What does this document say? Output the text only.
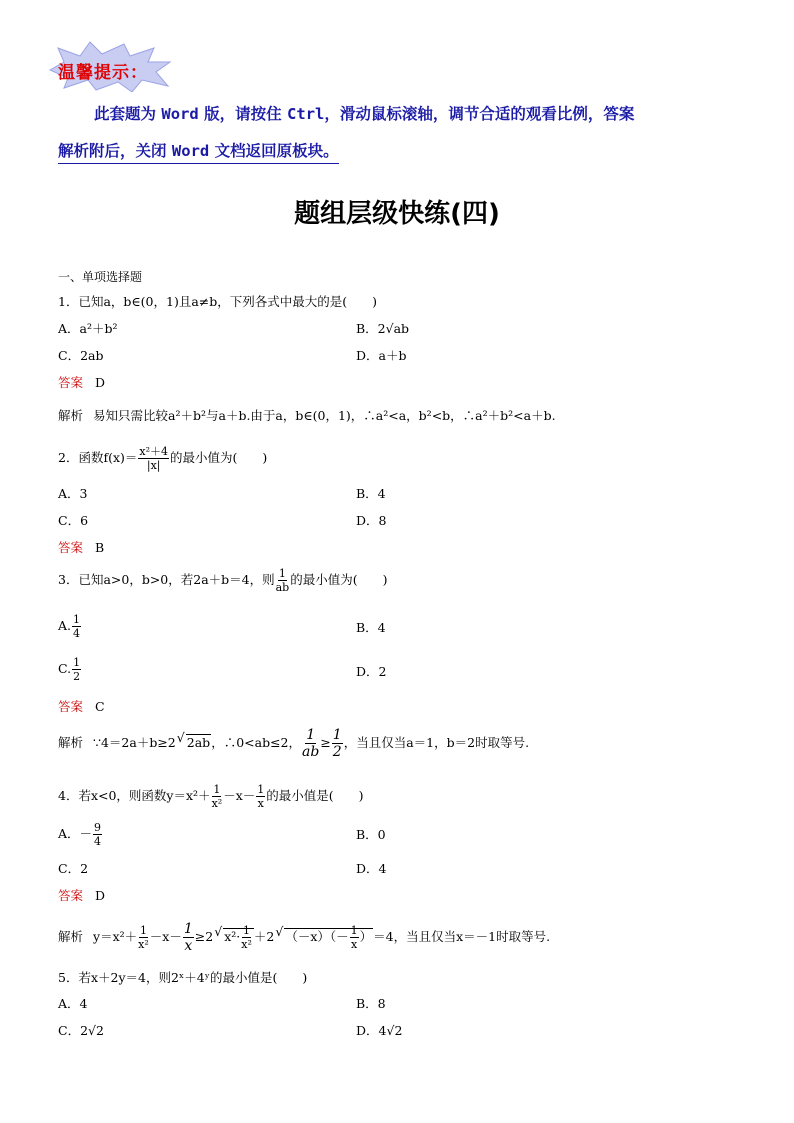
温馨提示：
此套题为 Word 版，请按住 Ctrl，滑动鼠标滚轴，调节合适的观看比例，答案
解析附后，关闭 Word 文档返回原板块。
题组层级快练(四)
一、单项选择题
1．已知a，b∈(0，1)且a≠b，下列各式中最大的是(　　)
A．a²＋b²	B．2√ab
C．2ab	D．a＋b
答案 D
解析 易知只需比较a²＋b²与a＋b.由于a，b∈(0，1)，∴a²<a，b²<b，∴a²＋b²<a＋b.
2．函数$f(x)= \frac{\text{x²＋4}}{|x|}$ 的最小值为(　　)
A．3	B．4
C．6	D．8
答案 B
3．已知a>0，b>0，若2a＋b＝4，则 $\frac{1}{ab}$ 的最小值为(　　)
A. $\frac{1}{4}$	B．4
C. $\frac{1}{2}$	D．2
答案 C
解析 ∵4＝2a＋b≥2√ 2ab，∴0<ab≤2， $\frac{1}{ab} \ge \frac{1}{2}$ ，当且仅当a＝1，b＝2时取等号.
4．若x<0，则函数$y=x^2+ \frac{1}{\text{x²}} -x- \frac{1}{x}$ 的最小值是(　　)
A．－ $\frac{9}{4}$	B．0
C．2	D．4
答案 D
解析 $y=x^2+ \frac{1}{\text{x²}} -x- \frac{1}{x} \ge 2√$ $x^2\cdot \frac{1}{\text{x²}} +2√$ $(-x)(- \frac{1}{x} )=4$，当且仅当x＝－1时取等号.
5．若x＋2y＝4，则2ˣ＋4ʸ的最小值是(　　)
A．4	B．8
C．2√2	D．4√2
